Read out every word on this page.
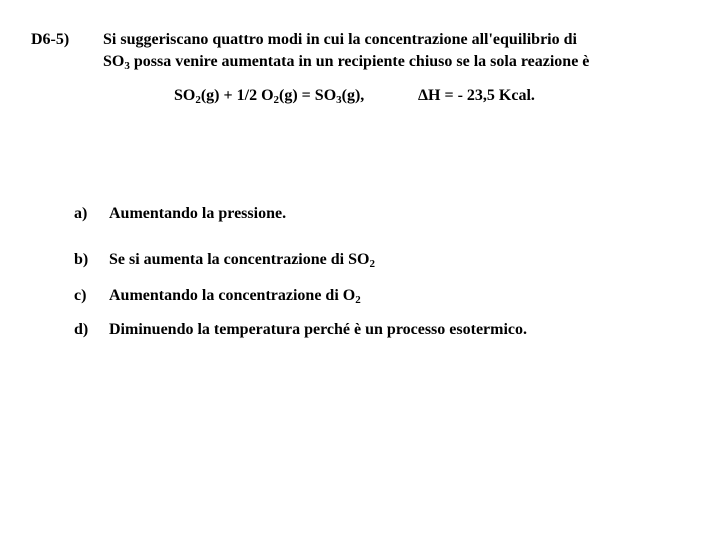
D6-5) Si suggeriscano quattro modi in cui la concentrazione all'equilibrio di
$SO_3$ possa venire aumentata in un recipiente chiuso se la sola reazione è
$SO_2(g) + 1/2$ $O_2(g) = SO_3(g)$,	ΔH = - 23,5 Kcal.
a) Aumentando la pressione.
b) Se si aumenta la concentrazione di $SO_2$
c) Aumentando la concentrazione di $O_2$
d) Diminuendo la temperatura perché è un processo esotermico.
